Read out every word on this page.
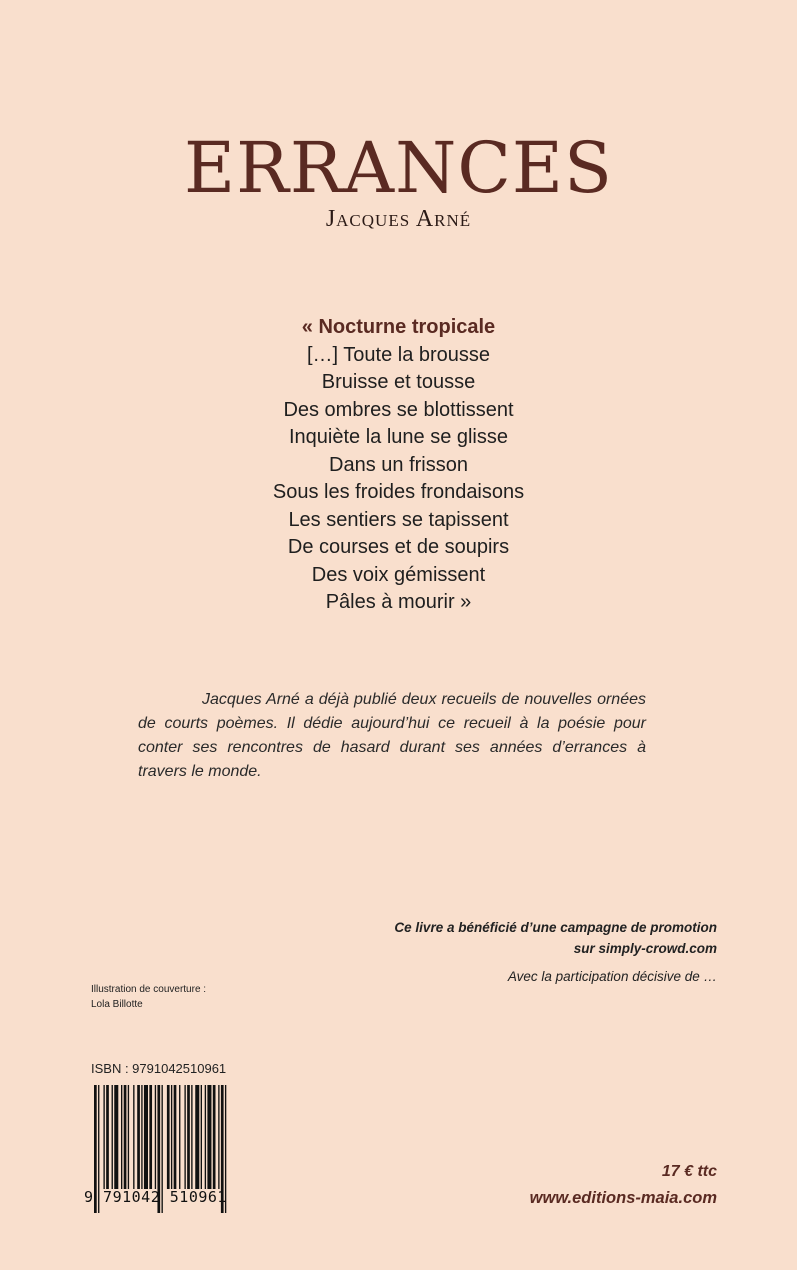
ERRANCES
Jacques Arné
« Nocturne tropicale
[…] Toute la brousse
Bruisse et tousse
Des ombres se blottissent
Inquiète la lune se glisse
Dans un frisson
Sous les froides frondaisons
Les sentiers se tapissent
De courses et de soupirs
Des voix gémissent
Pâles à mourir »
Jacques Arné a déjà publié deux recueils de nouvelles ornées de courts poèmes. Il dédie aujourd’hui ce recueil à la poésie pour conter ses rencontres de hasard durant ses années d’errances à travers le monde.
Ce livre a bénéficié d’une campagne de promotion
sur simply-crowd.com
Avec la participation décisive de …
Illustration de couverture :
Lola Billotte
ISBN : 9791042510961
9 791042 510961
17 € ttc
www.editions-maia.com
